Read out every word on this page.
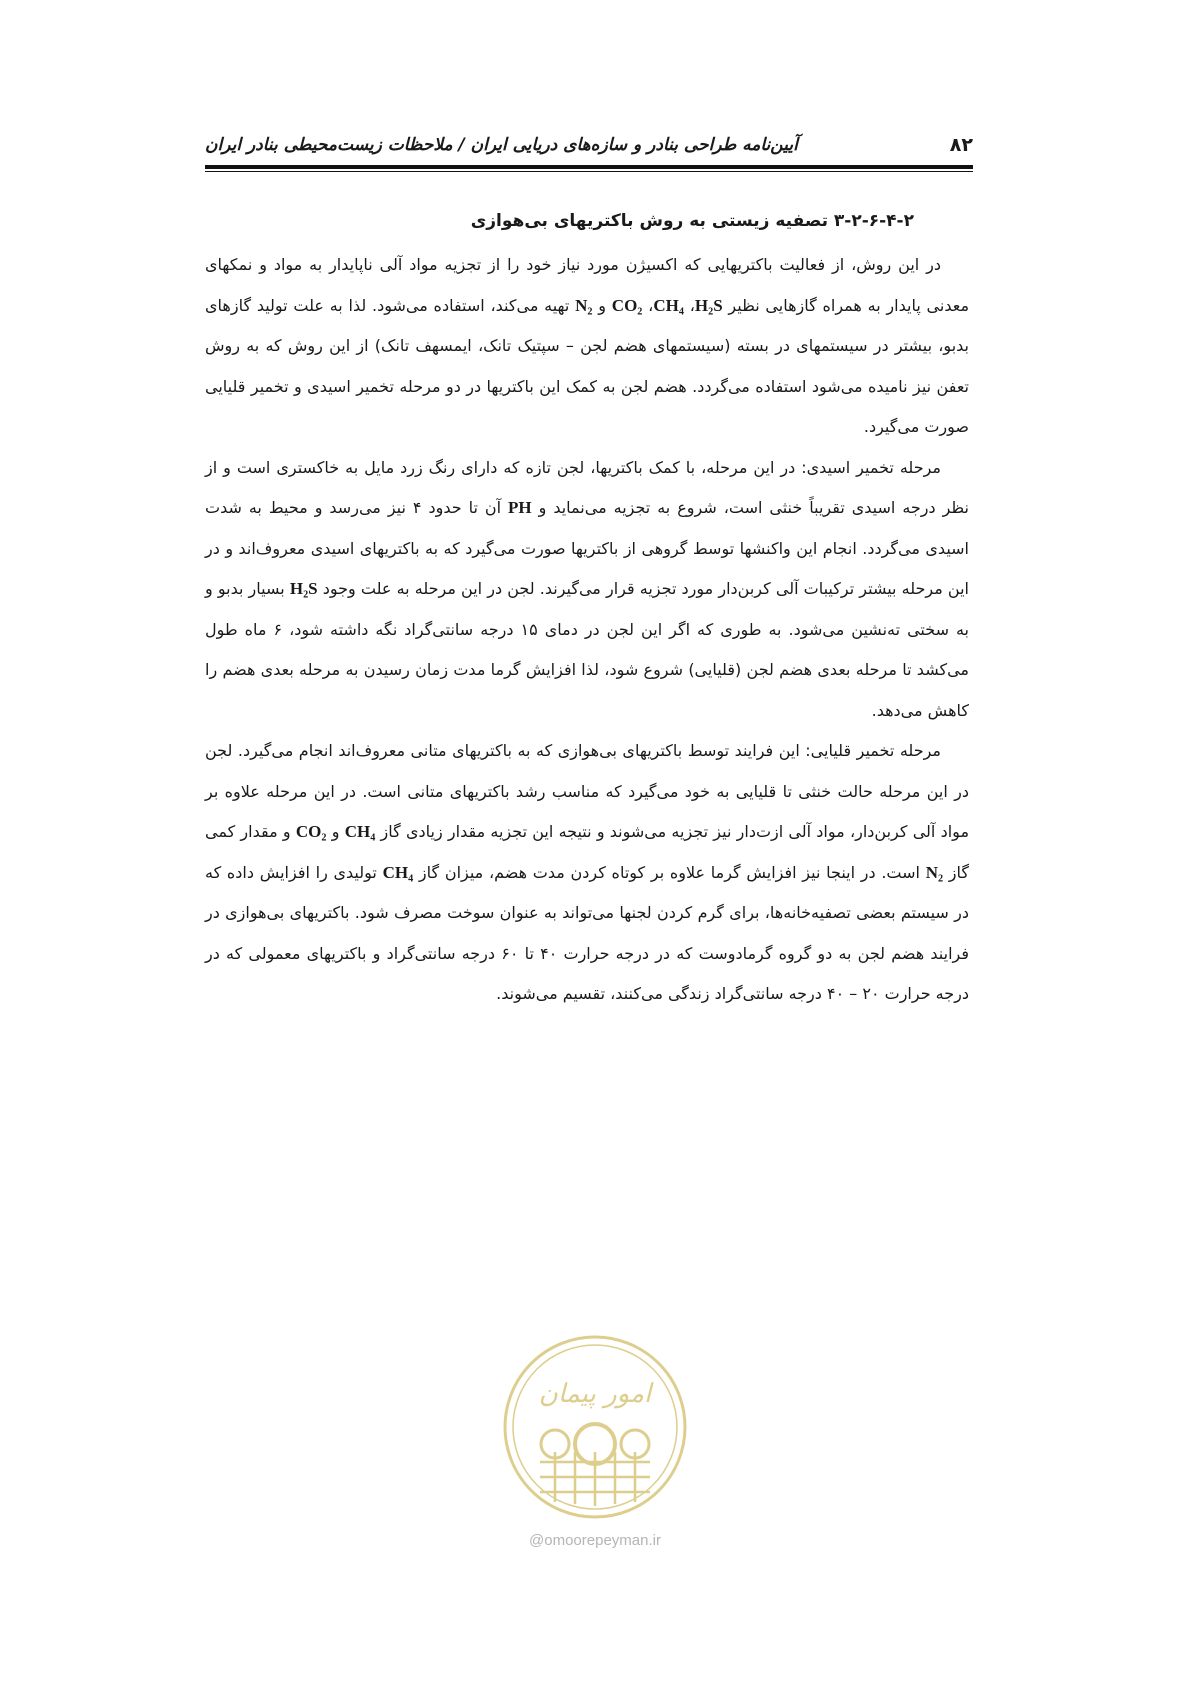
۸۲
آیین‌نامه طراحی بنادر و سازه‌های دریایی ایران / ملاحظات زیست‌محیطی بنادر ایران
۳-۲-۶-۴-۲ تصفیه زیستی به روش باکتریهای بی‌هوازی

در این روش، از فعالیت باکتریهایی که اکسیژن مورد نیاز خود را از تجزیه مواد آلی ناپایدار به مواد و نمکهای معدنی پایدار به همراه گازهایی نظیر H₂S، CH₄، CO₂ و N₂ تهیه می‌کند، استفاده می‌شود. لذا به علت تولید گازهای بدبو، بیشتر در سیستمهای در بسته (سیستمهای هضم لجن – سپتیک تانک، ایمسهف تانک) از این روش که به روش تعفن نیز نامیده می‌شود استفاده می‌گردد. هضم لجن به کمک این باکتریها در دو مرحله تخمیر اسیدی و تخمیر قلیایی صورت می‌گیرد.

مرحله تخمیر اسیدی: در این مرحله، با کمک باکتریها، لجن تازه که دارای رنگ زرد مایل به خاکستری است و از نظر درجه اسیدی تقریباً خنثی است، شروع به تجزیه می‌نماید و PH آن تا حدود ۴ نیز می‌رسد و محیط به شدت اسیدی می‌گردد. انجام این واکنشها توسط گروهی از باکتریها صورت می‌گیرد که به باکتریهای اسیدی معروف‌اند و در این مرحله بیشتر ترکیبات آلی کربن‌دار مورد تجزیه قرار می‌گیرند. لجن در این مرحله به علت وجود H₂S بسیار بدبو و به سختی ته‌نشین می‌شود. به طوری که اگر این لجن در دمای ۱۵ درجه سانتی‌گراد نگه داشته شود، ۶ ماه طول می‌کشد تا مرحله بعدی هضم لجن (قلیایی) شروع شود، لذا افزایش گرما مدت زمان رسیدن به مرحله بعدی هضم را کاهش می‌دهد.

مرحله تخمیر قلیایی: این فرایند توسط باکتریهای بی‌هوازی که به باکتریهای متانی معروف‌اند انجام می‌گیرد. لجن در این مرحله حالت خنثی تا قلیایی به خود می‌گیرد که مناسب رشد باکتریهای متانی است. در این مرحله علاوه بر مواد آلی کربن‌دار، مواد آلی ازت‌دار نیز تجزیه می‌شوند و نتیجه این تجزیه مقدار زیادی گاز CH₄ و CO₂ و مقدار کمی گاز N₂ است. در اینجا نیز افزایش گرما علاوه بر کوتاه کردن مدت هضم، میزان گاز CH₄ تولیدی را افزایش داده که در سیستم بعضی تصفیه‌خانه‌ها، برای گرم کردن لجنها می‌تواند به عنوان سوخت مصرف شود. باکتریهای بی‌هوازی در فرایند هضم لجن به دو گروه گرمادوست که در درجه حرارت ۴۰ تا ۶۰ درجه سانتی‌گراد و باکتریهای معمولی که در درجه حرارت ۲۰ – ۴۰ درجه سانتی‌گراد زندگی می‌کنند، تقسیم می‌شوند.

امور پیمان
@omoorepeyman.ir
